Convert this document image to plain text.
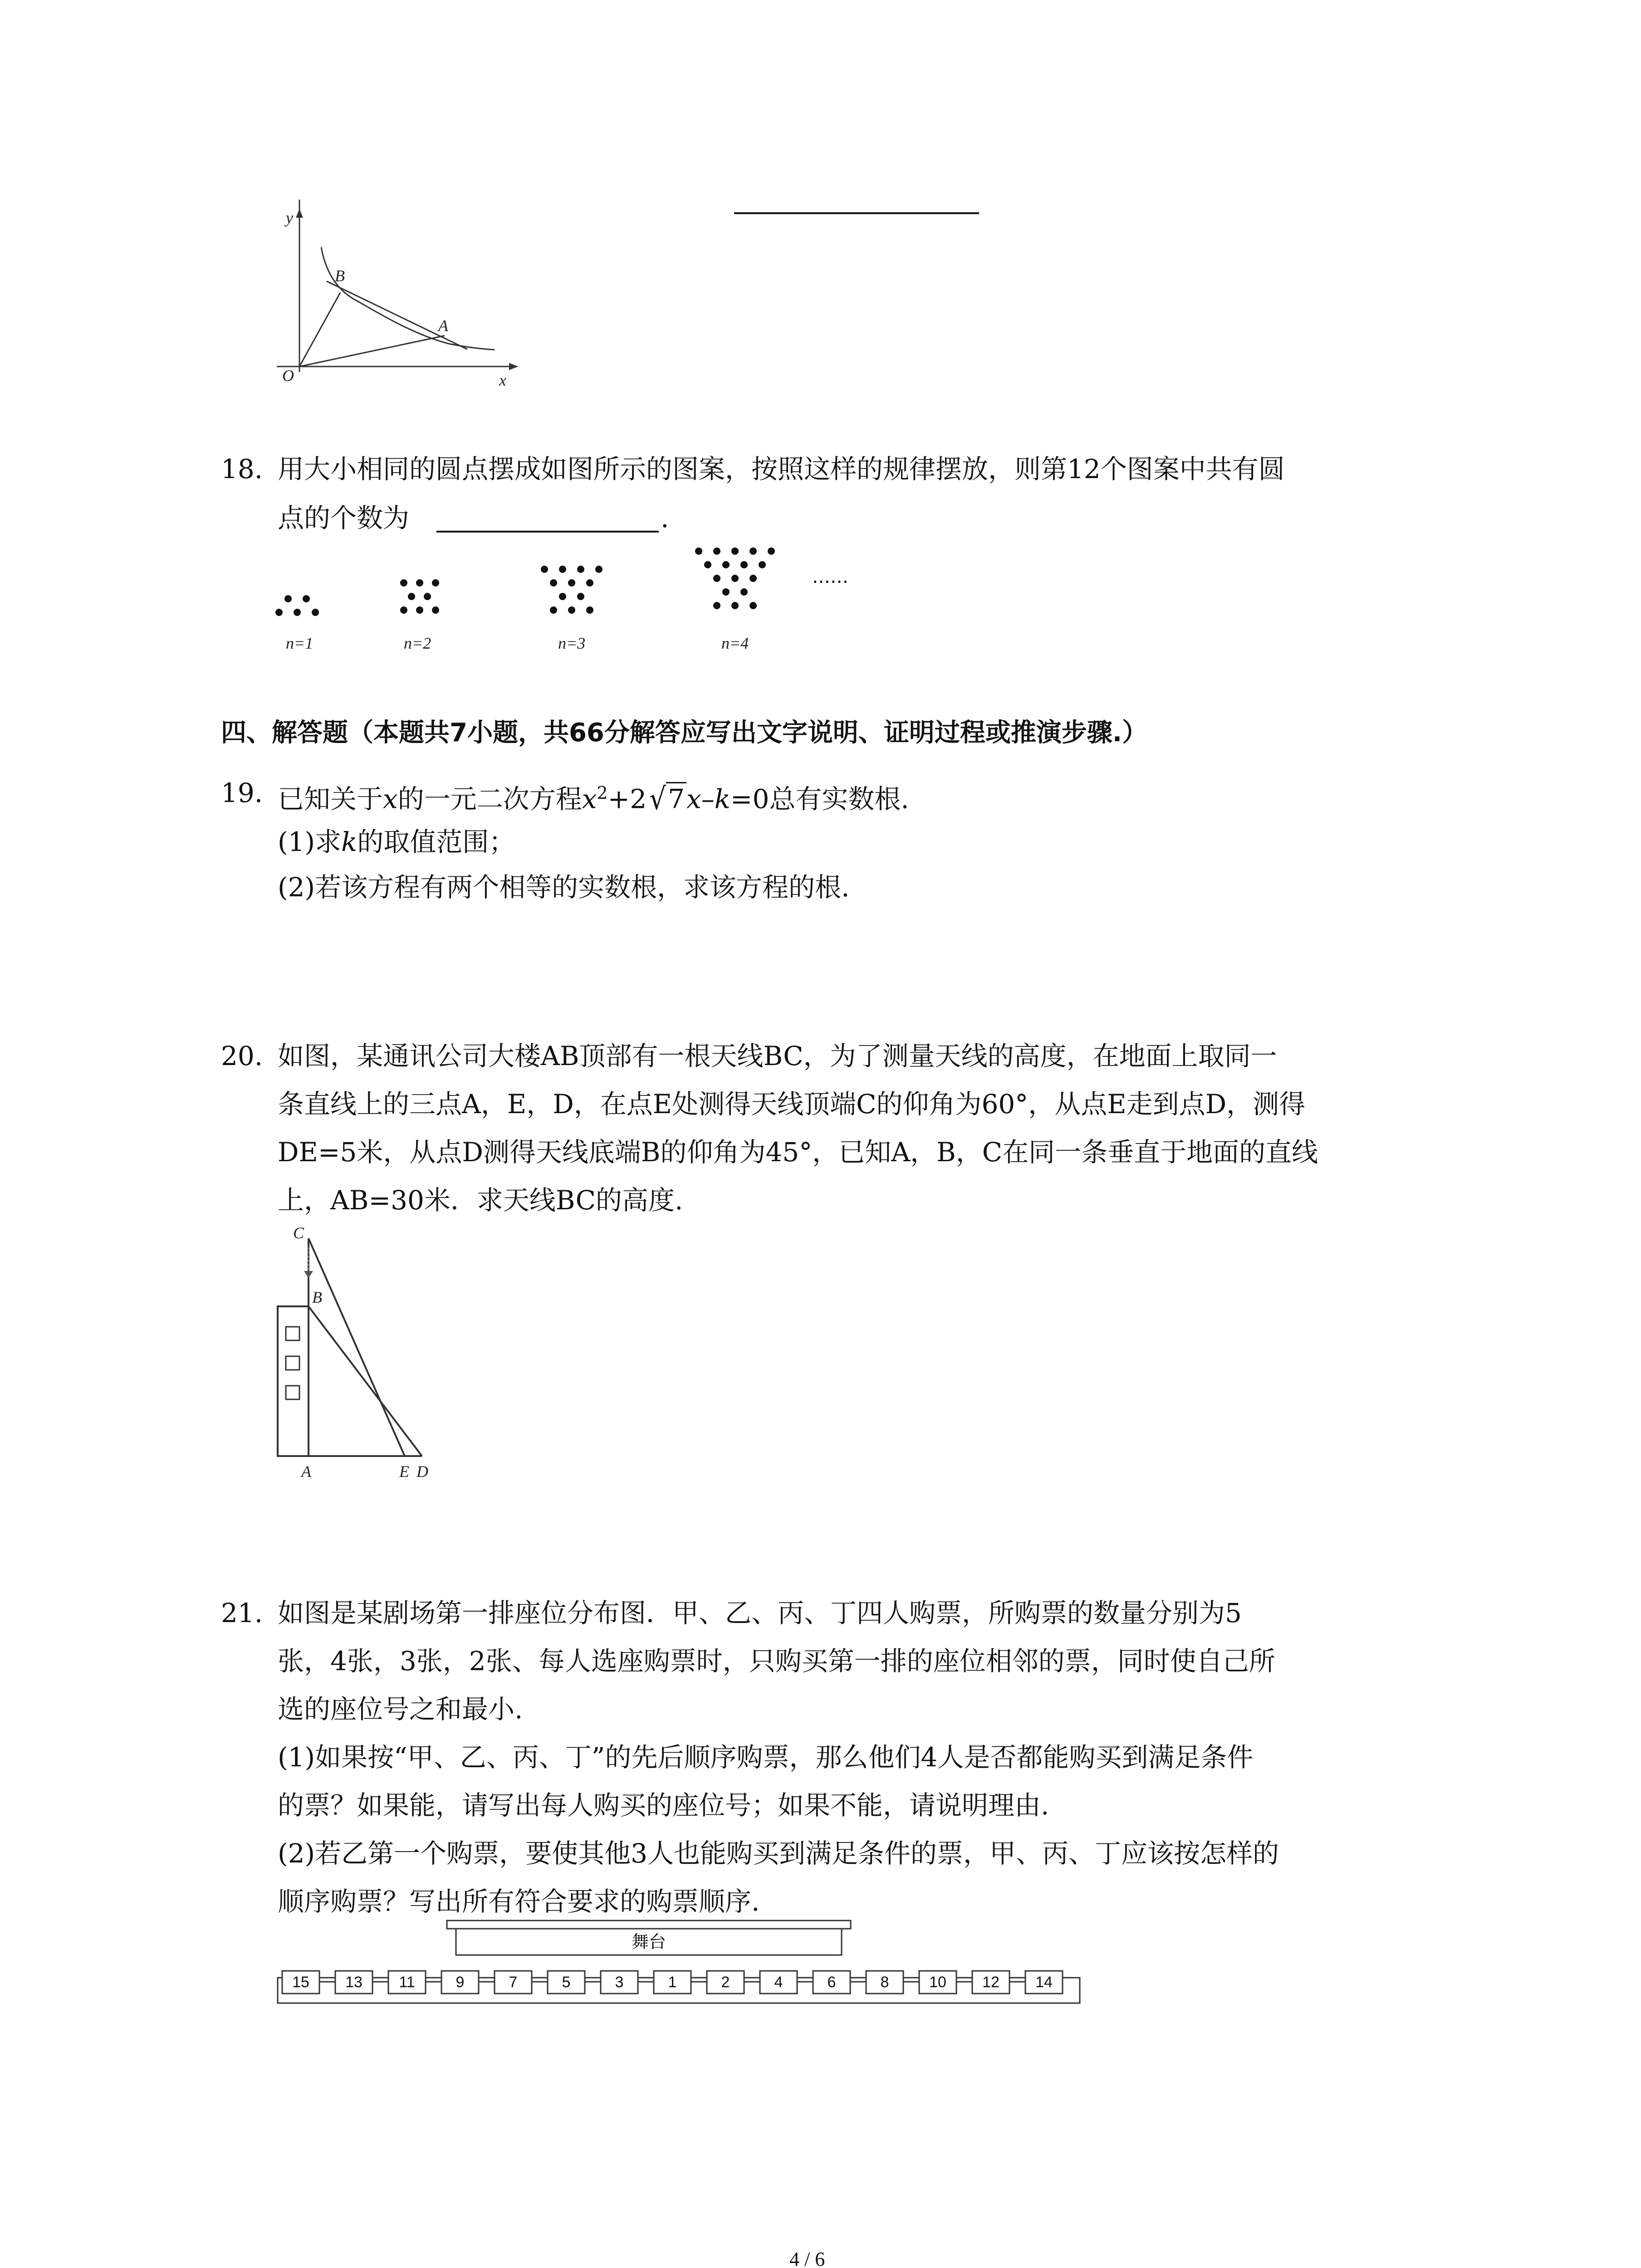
y
B
A
O	x
18. 用大小相同的圆点摆成如图所示的图案，按照这样的规律摆放，则第12个图案中共有圆
点的个数为	.
……
n=1	n=2	n=3	n=4
四、解答题（本题共7小题，共66分解答应写出文字说明、证明过程或推演步骤.）
19. 已知关于x的一元二次方程$x^2+2$ √7x–k=0总有实数根.
(1)求k的取值范围；
(2)若该方程有两个相等的实数根，求该方程的根.
20. 如图，某通讯公司大楼AB顶部有一根天线BC，为了测量天线的高度，在地面上取同一
条直线上的三点A，E，D，在点E处测得天线顶端C的仰角为60°，从点E走到点D，测得
DE=5米，从点D测得天线底端B的仰角为45°，已知A，B，C在同一条垂直于地面的直线
上，AB=30米．求天线BC的高度.
C
B
A	E D
21. 如图是某剧场第一排座位分布图．甲、乙、丙、丁四人购票，所购票的数量分别为5
张，4张，3张，2张、每人选座购票时，只购买第一排的座位相邻的票，同时使自己所
选的座位号之和最小.
(1)如果按“甲、乙、丙、丁”的先后顺序购票，那么他们4人是否都能购买到满足条件
的票？如果能，请写出每人购买的座位号；如果不能，请说明理由.
(2)若乙第一个购票，要使其他3人也能购买到满足条件的票，甲、丙、丁应该按怎样的
顺序购票？写出所有符合要求的购票顺序.
舞台
15 13 11	9	7	5	3	1	2	4	6	8	10 12 14
4 / 6
